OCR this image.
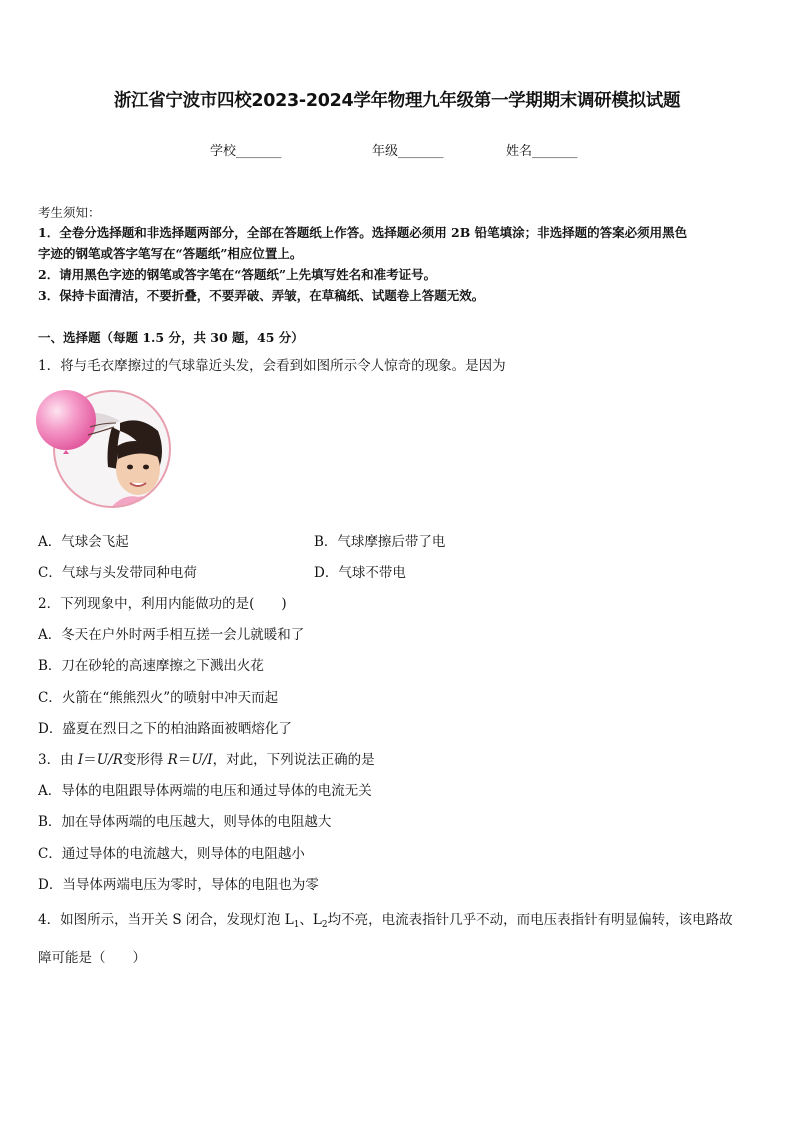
浙江省宁波市四校2023-2024学年物理九年级第一学期期末调研模拟试题
学校_______	年级_______	姓名_______
考生须知：
1．全卷分选择题和非选择题两部分，全部在答题纸上作答。选择题必须用 2B 铅笔填涂；非选择题的答案必须用黑色
字迹的钢笔或答字笔写在“答题纸”相应位置上。
2．请用黑色字迹的钢笔或答字笔在“答题纸”上先填写姓名和准考证号。
3．保持卡面清洁，不要折叠，不要弄破、弄皱，在草稿纸、试题卷上答题无效。
一、选择题（每题 1.5 分，共 30 题，45 分）
1．将与毛衣摩擦过的气球靠近头发，会看到如图所示令人惊奇的现象。是因为
A．气球会飞起	B．气球摩擦后带了电
C．气球与头发带同种电荷	D．气球不带电
2．下列现象中，利用内能做功的是(　　)
A．冬天在户外时两手相互搓一会儿就暖和了
B．刀在砂轮的高速摩擦之下溅出火花
C．火箭在“熊熊烈火”的喷射中冲天而起
D．盛夏在烈日之下的柏油路面被晒熔化了
3．由 I＝U/R变形得 R＝U/I，对此，下列说法正确的是
A．导体的电阻跟导体两端的电压和通过导体的电流无关
B．加在导体两端的电压越大，则导体的电阻越大
C．通过导体的电流越大，则导体的电阻越小
D．当导体两端电压为零时，导体的电阻也为零
4．如图所示，当开关 S 闭合，发现灯泡 $L_1$、$L_2$均不亮，电流表指针几乎不动，而电压表指针有明显偏转，该电路故
障可能是（　　）
